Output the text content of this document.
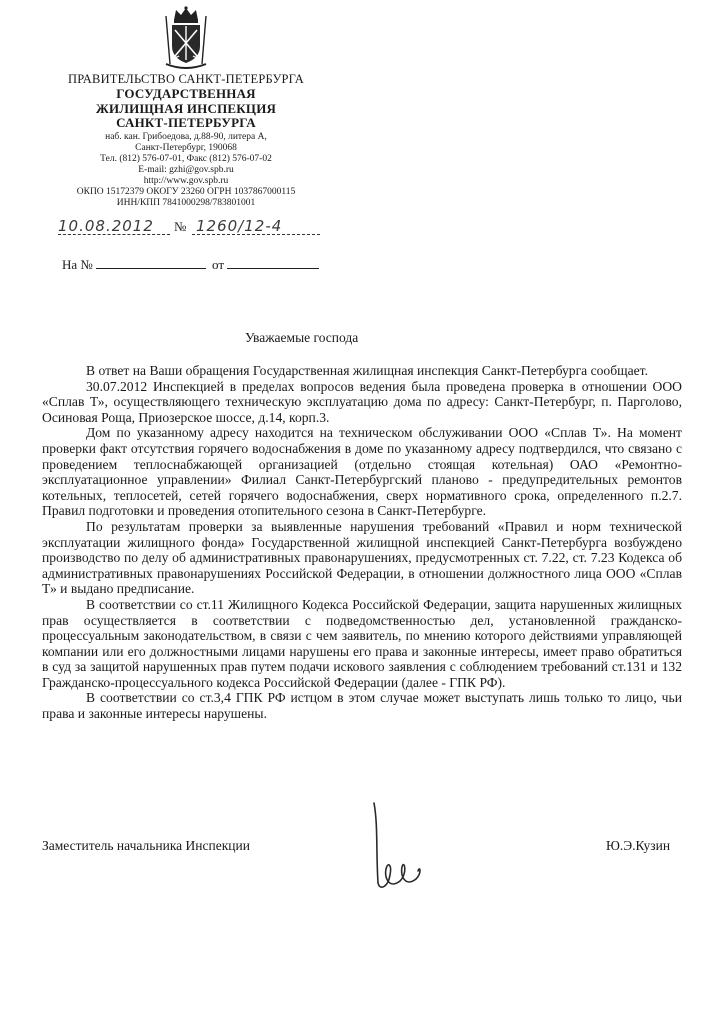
ПРАВИТЕЛЬСТВО САНКТ-ПЕТЕРБУРГА
ГОСУДАРСТВЕННАЯ
ЖИЛИЩНАЯ ИНСПЕКЦИЯ
САНКТ-ПЕТЕРБУРГА
наб. кан. Грибоедова, д.88-90, литера А,
Санкт-Петербург, 190068
Тел. (812) 576-07-01, Факс (812) 576-07-02
E-mail: gzhi@gov.spb.ru
http://www.gov.spb.ru
ОКПО 15172379 ОКОГУ 23260 ОГРН 1037867000115
ИНН/КПП 7841000298/783801001
10.08.2012 № 1260/12-4
На №	от
Уважаемые господа

В ответ на Ваши обращения Государственная жилищная инспекция Санкт-Петербурга сообщает.

30.07.2012 Инспекцией в пределах вопросов ведения была проведена проверка в отношении ООО «Сплав Т», осуществляющего техническую эксплуатацию дома по адресу: Санкт-Петербург, п. Парголово, Осиновая Роща, Приозерское шоссе, д.14, корп.3.

Дом по указанному адресу находится на техническом обслуживании ООО «Сплав Т». На момент проверки факт отсутствия горячего водоснабжения в доме по указанному адресу подтвердился, что связано с проведением теплоснабжающей организацией (отдельно стоящая котельная) ОАО «Ремонтно-эксплуатационное управлении» Филиал Санкт-Петербургский планово - предупредительных ремонтов котельных, теплосетей, сетей горячего водоснабжения, сверх нормативного срока, определенного п.2.7. Правил подготовки и проведения отопительного сезона в Санкт-Петербурге.

По результатам проверки за выявленные нарушения требований «Правил и норм технической эксплуатации жилищного фонда» Государственной жилищной инспекцией Санкт-Петербурга возбуждено производство по делу об административных правонарушениях, предусмотренных ст. 7.22, ст. 7.23 Кодекса об административных правонарушениях Российской Федерации, в отношении должностного лица ООО «Сплав Т» и выдано предписание.

В соответствии со ст.11 Жилищного Кодекса Российской Федерации, защита нарушенных жилищных прав осуществляется в соответствии с подведомственностью дел, установленной гражданско-процессуальным законодательством, в связи с чем заявитель, по мнению которого действиями управляющей компании или его должностными лицами нарушены его права и законные интересы, имеет право обратиться в суд за защитой нарушенных прав путем подачи искового заявления с соблюдением требований ст.131 и 132 Гражданско-процессуального кодекса Российской Федерации (далее - ГПК РФ).

В соответствии со ст.3,4 ГПК РФ истцом в этом случае может выступать лишь только то лицо, чьи права и законные интересы нарушены.

Заместитель начальника Инспекции	Ю.Э.Кузин
